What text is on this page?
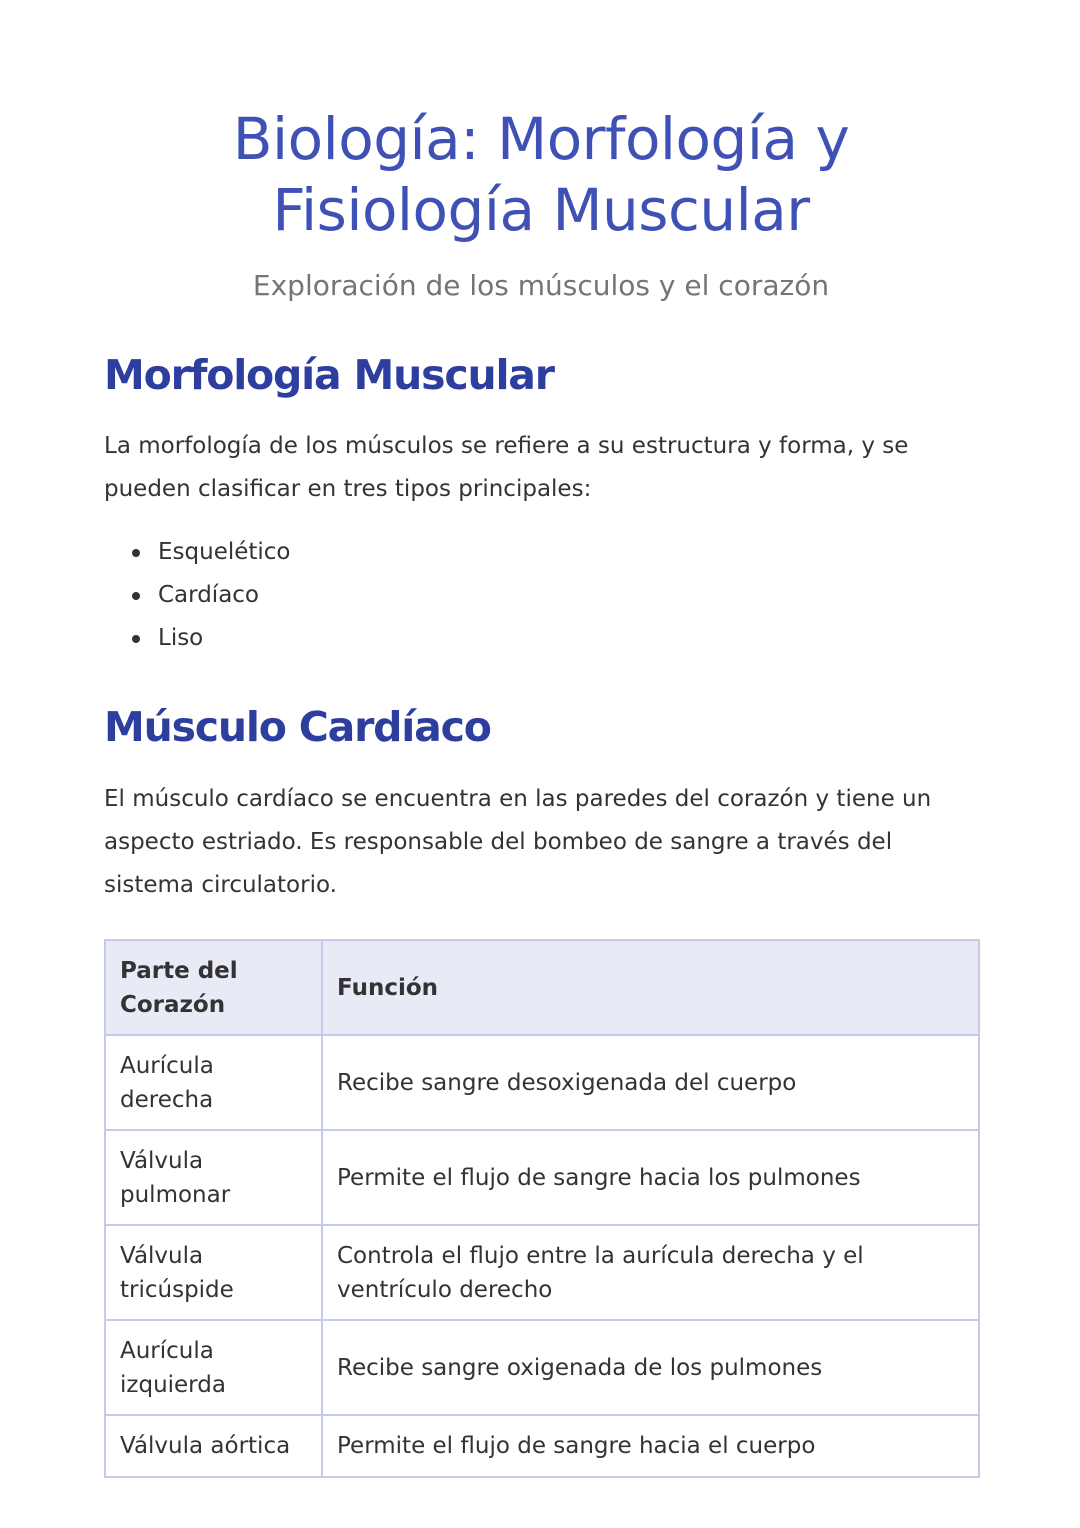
Biología: Morfología y Fisiología Muscular

Exploración de los músculos y el corazón

Morfología Muscular

La morfología de los músculos se refiere a su estructura y forma, y se pueden clasificar en tres tipos principales:

Esquelético
Cardíaco
Liso
Músculo Cardíaco

El músculo cardíaco se encuentra en las paredes del corazón y tiene un aspecto estriado. Es responsable del bombeo de sangre a través del sistema circulatorio.

Parte del Corazón	Función
Aurícula derecha	Recibe sangre desoxigenada del cuerpo
Válvula pulmonar	Permite el flujo de sangre hacia los pulmones
Válvula tricúspide	Controla el flujo entre la aurícula derecha y el ventrículo derecho
Aurícula izquierda	Recibe sangre oxigenada de los pulmones
Válvula aórtica	Permite el flujo de sangre hacia el cuerpo
